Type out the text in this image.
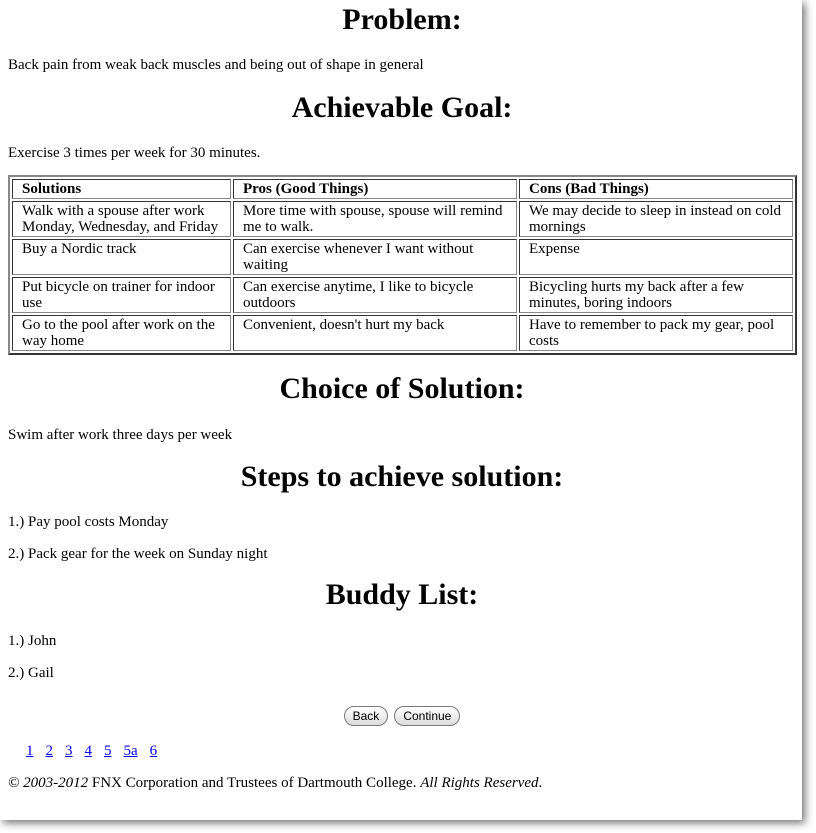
Problem:

Back pain from weak back muscles and being out of shape in general

Achievable Goal:

Exercise 3 times per week for 30 minutes.

Solutions	Pros (Good Things)	Cons (Bad Things)
Walk with a spouse after work Monday, Wednesday, and Friday	More time with spouse, spouse will remind me to walk.	We may decide to sleep in instead on cold mornings
Buy a Nordic track	Can exercise whenever I want without waiting	Expense
Put bicycle on trainer for indoor use	Can exercise anytime, I like to bicycle outdoors	Bicycling hurts my back after a few minutes, boring indoors
Go to the pool after work on the way home	Convenient, doesn't hurt my back	Have to remember to pack my gear, pool costs
Choice of Solution:

Swim after work three days per week

Steps to achieve solution:

1.) Pay pool costs Monday

2.) Pack gear for the week on Sunday night

Buddy List:

1.) John

2.) Gail

Back Continue
1 2 3 4 5 5a 6

© 2003-2012 FNX Corporation and Trustees of Dartmouth College. All Rights Reserved.
